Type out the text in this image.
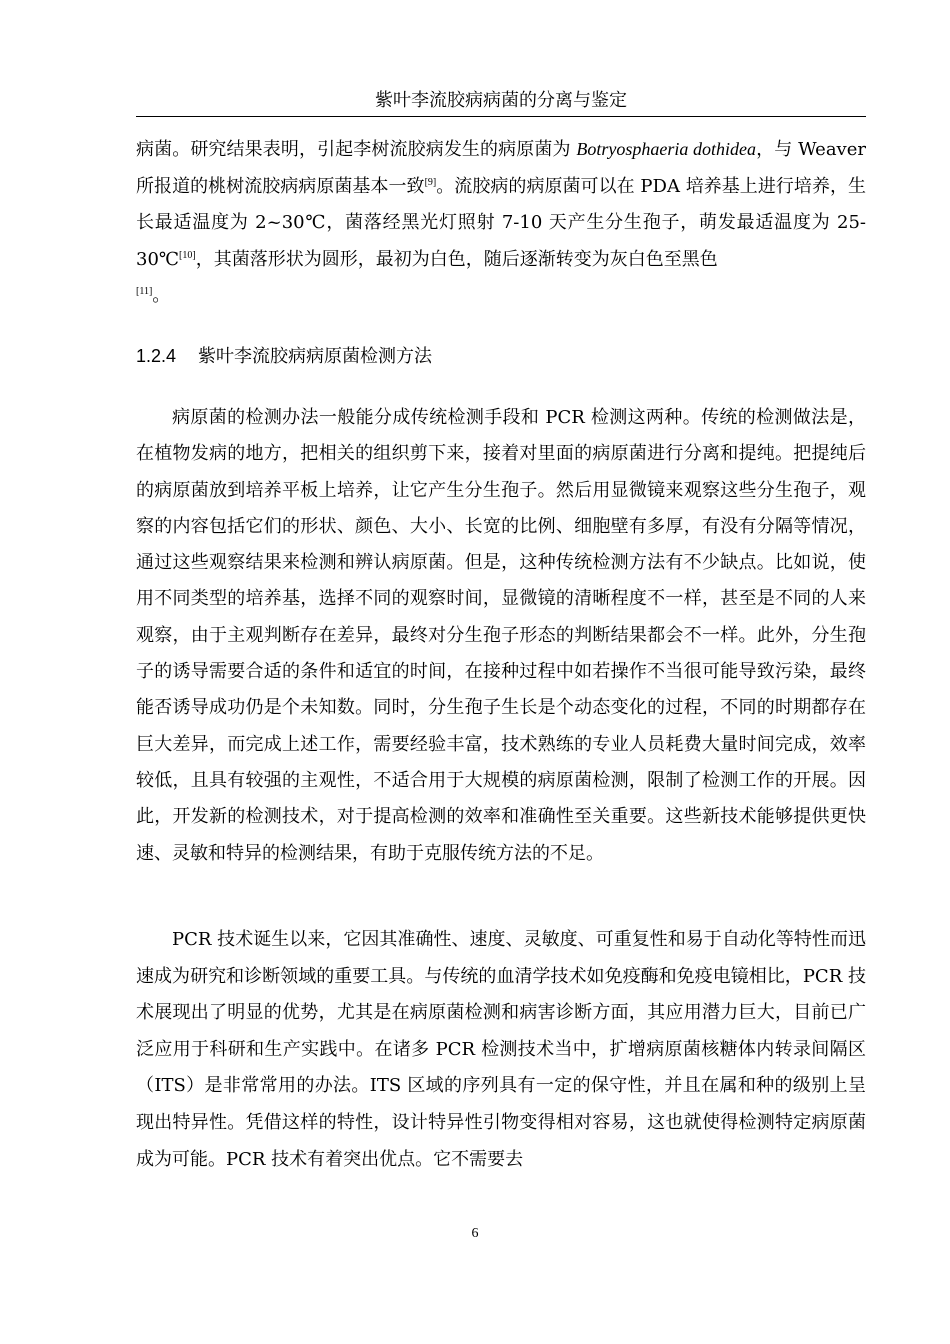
紫叶李流胶病病菌的分离与鉴定
病菌。研究结果表明，引起李树流胶病发生的病原菌为 Botryosphaeria dothidea，与 Weaver 所报道的桃树流胶病病原菌基本一致[9]。流胶病的病原菌可以在 PDA 培养基上进行培养，生长最适温度为 2~30℃，菌落经黑光灯照射 7-10 天产生分生孢子，萌发最适温度为 25-30℃[10]，其菌落形状为圆形，最初为白色，随后逐渐转变为灰白色至黑色
[11]。
1.2.4 紫叶李流胶病病原菌检测方法
病原菌的检测办法一般能分成传统检测手段和 PCR 检测这两种。传统的检测做法是，在植物发病的地方，把相关的组织剪下来，接着对里面的病原菌进行分离和提纯。把提纯后的病原菌放到培养平板上培养，让它产生分生孢子。然后用显微镜来观察这些分生孢子，观察的内容包括它们的形状、颜色、大小、长宽的比例、细胞壁有多厚，有没有分隔等情况，通过这些观察结果来检测和辨认病原菌。但是，这种传统检测方法有不少缺点。比如说，使用不同类型的培养基，选择不同的观察时间，显微镜的清晰程度不一样，甚至是不同的人来观察，由于主观判断存在差异，最终对分生孢子形态的判断结果都会不一样。此外，分生孢子的诱导需要合适的条件和适宜的时间，在接种过程中如若操作不当很可能导致污染，最终能否诱导成功仍是个未知数。同时，分生孢子生长是个动态变化的过程，不同的时期都存在巨大差异，而完成上述工作，需要经验丰富，技术熟练的专业人员耗费大量时间完成，效率较低，且具有较强的主观性，不适合用于大规模的病原菌检测，限制了检测工作的开展。因此，开发新的检测技术，对于提高检测的效率和准确性至关重要。这些新技术能够提供更快速、灵敏和特异的检测结果，有助于克服传统方法的不足。
PCR 技术诞生以来，它因其准确性、速度、灵敏度、可重复性和易于自动化等特性而迅速成为研究和诊断领域的重要工具。与传统的血清学技术如免疫酶和免疫电镜相比，PCR 技术展现出了明显的优势，尤其是在病原菌检测和病害诊断方面，其应用潜力巨大，目前已广泛应用于科研和生产实践中。在诸多 PCR 检测技术当中，扩增病原菌核糖体内转录间隔区（ITS）是非常常用的办法。ITS 区域的序列具有一定的保守性，并且在属和种的级别上呈现出特异性。凭借这样的特性，设计特异性引物变得相对容易，这也就使得检测特定病原菌成为可能。PCR 技术有着突出优点。它不需要去
6
